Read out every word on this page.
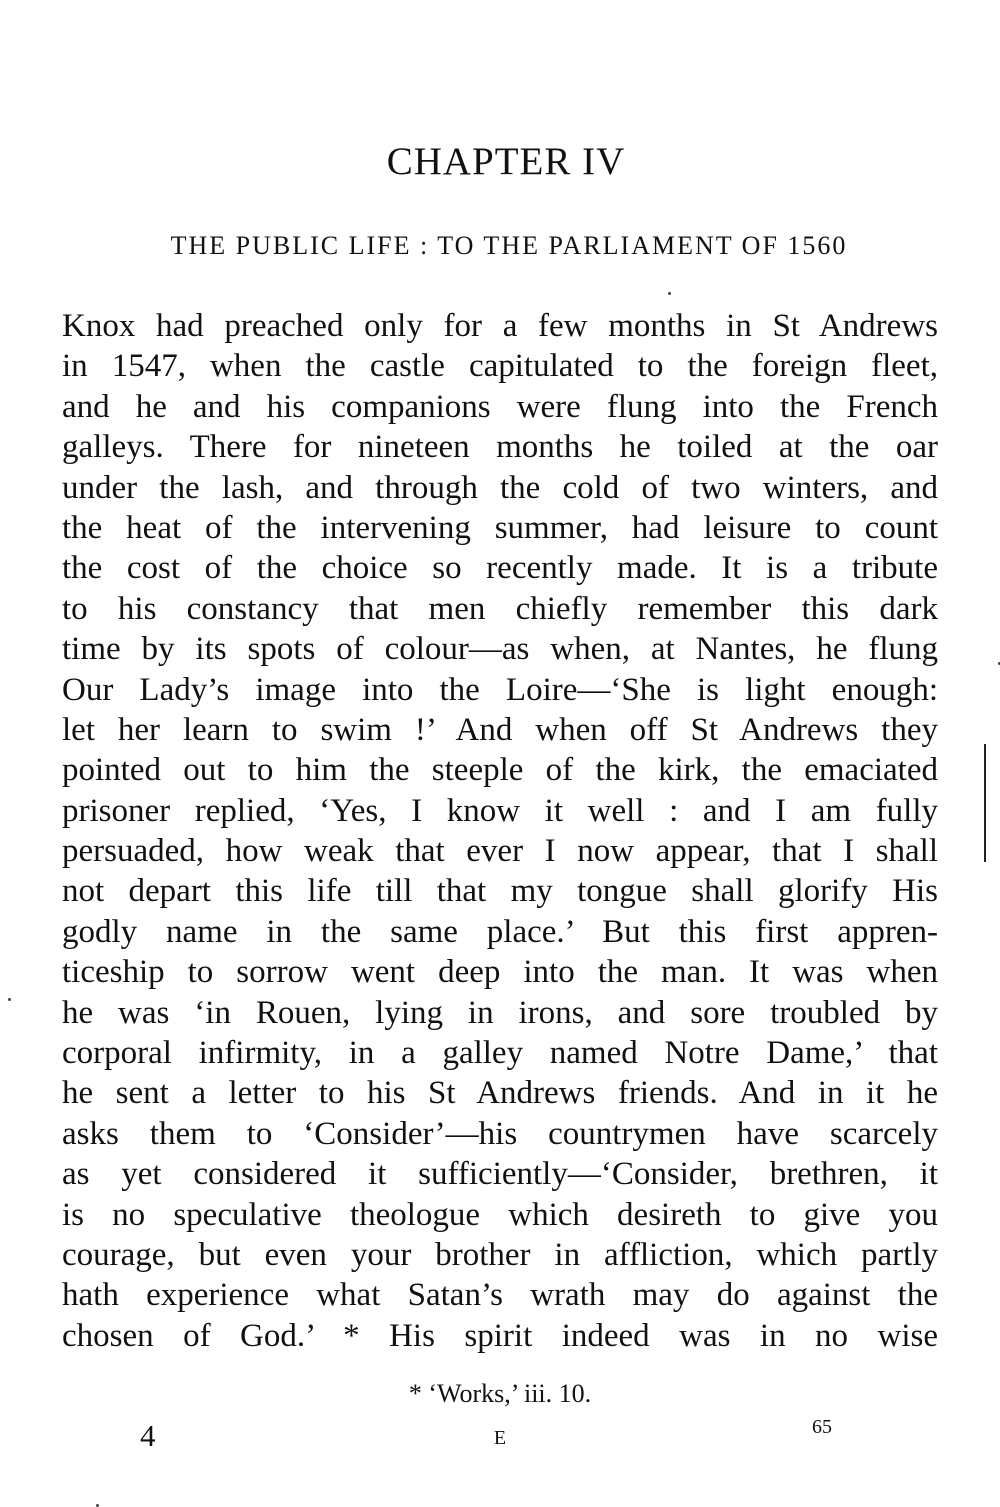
CHAPTER IV
THE PUBLIC LIFE : TO THE PARLIAMENT OF 1560
Knox had preached only for a few months in St Andrews
in 1547, when the castle capitulated to the foreign fleet,
and he and his companions were flung into the French
galleys. There for nineteen months he toiled at the oar
under the lash, and through the cold of two winters, and
the heat of the intervening summer, had leisure to count
the cost of the choice so recently made. It is a tribute
to his constancy that men chiefly remember this dark
time by its spots of colour—as when, at Nantes, he flung
Our Lady’s image into the Loire—‘She is light enough:
let her learn to swim !’ And when off St Andrews they
pointed out to him the steeple of the kirk, the emaciated
prisoner replied, ‘Yes, I know it well : and I am fully
persuaded, how weak that ever I now appear, that I shall
not depart this life till that my tongue shall glorify His
godly name in the same place.’ But this first appren-
ticeship to sorrow went deep into the man. It was when
he was ‘in Rouen, lying in irons, and sore troubled by
corporal infirmity, in a galley named Notre Dame,’ that
he sent a letter to his St Andrews friends. And in it he
asks them to ‘Consider’—his countrymen have scarcely
as yet considered it sufficiently—‘Consider, brethren, it
is no speculative theologue which desireth to give you
courage, but even your brother in affliction, which partly
hath experience what Satan’s wrath may do against the
chosen of God.’ * His spirit indeed was in no wise
* ‘Works,’ iii. 10.
4	E	65
